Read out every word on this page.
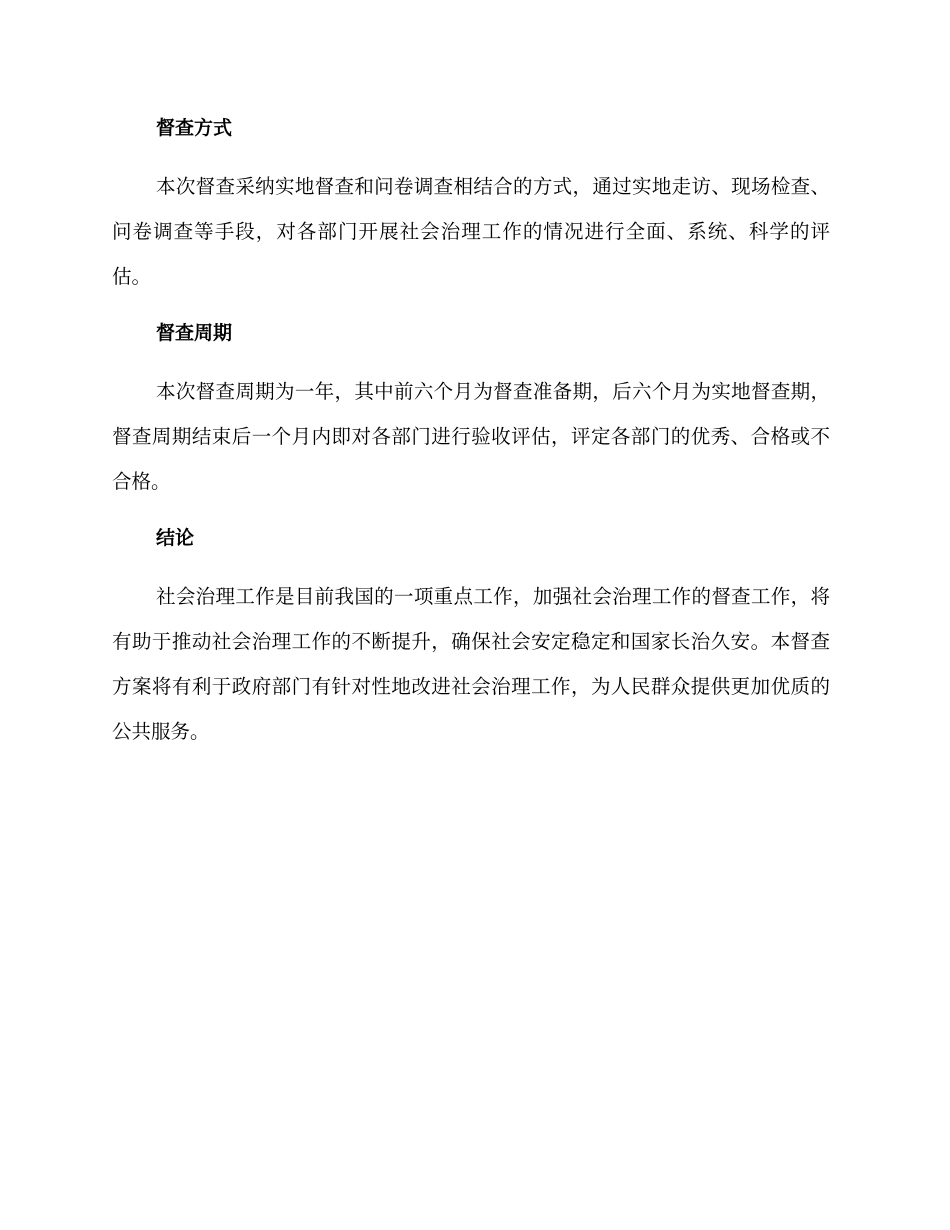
督查方式

本次督查采纳实地督查和问卷调查相结合的方式，通过实地走访、现场检查、问卷调查等手段，对各部门开展社会治理工作的情况进行全面、系统、科学的评估。

督查周期

本次督查周期为一年，其中前六个月为督查准备期，后六个月为实地督查期，督查周期结束后一个月内即对各部门进行验收评估，评定各部门的优秀、合格或不合格。

结论

社会治理工作是目前我国的一项重点工作，加强社会治理工作的督查工作，将有助于推动社会治理工作的不断提升，确保社会安定稳定和国家长治久安。本督查方案将有利于政府部门有针对性地改进社会治理工作，为人民群众提供更加优质的公共服务。
